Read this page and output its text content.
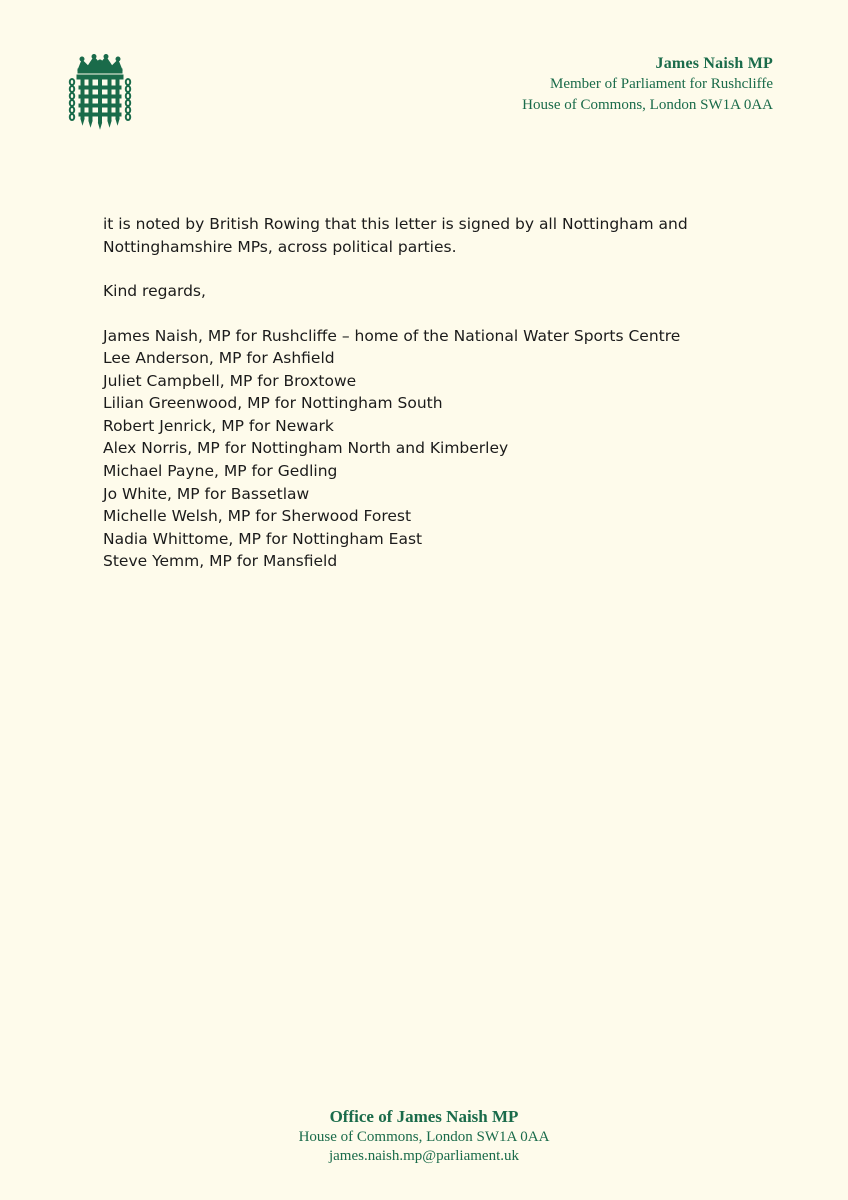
James Naish MP
Member of Parliament for Rushcliffe
House of Commons, London SW1A 0AA

it is noted by British Rowing that this letter is signed by all Nottingham and Nottinghamshire MPs, across political parties.

Kind regards,

James Naish, MP for Rushcliffe – home of the National Water Sports Centre
Lee Anderson, MP for Ashfield
Juliet Campbell, MP for Broxtowe
Lilian Greenwood, MP for Nottingham South
Robert Jenrick, MP for Newark
Alex Norris, MP for Nottingham North and Kimberley
Michael Payne, MP for Gedling
Jo White, MP for Bassetlaw
Michelle Welsh, MP for Sherwood Forest
Nadia Whittome, MP for Nottingham East
Steve Yemm, MP for Mansfield
Office of James Naish MP
House of Commons, London SW1A 0AA
james.naish.mp@parliament.uk
